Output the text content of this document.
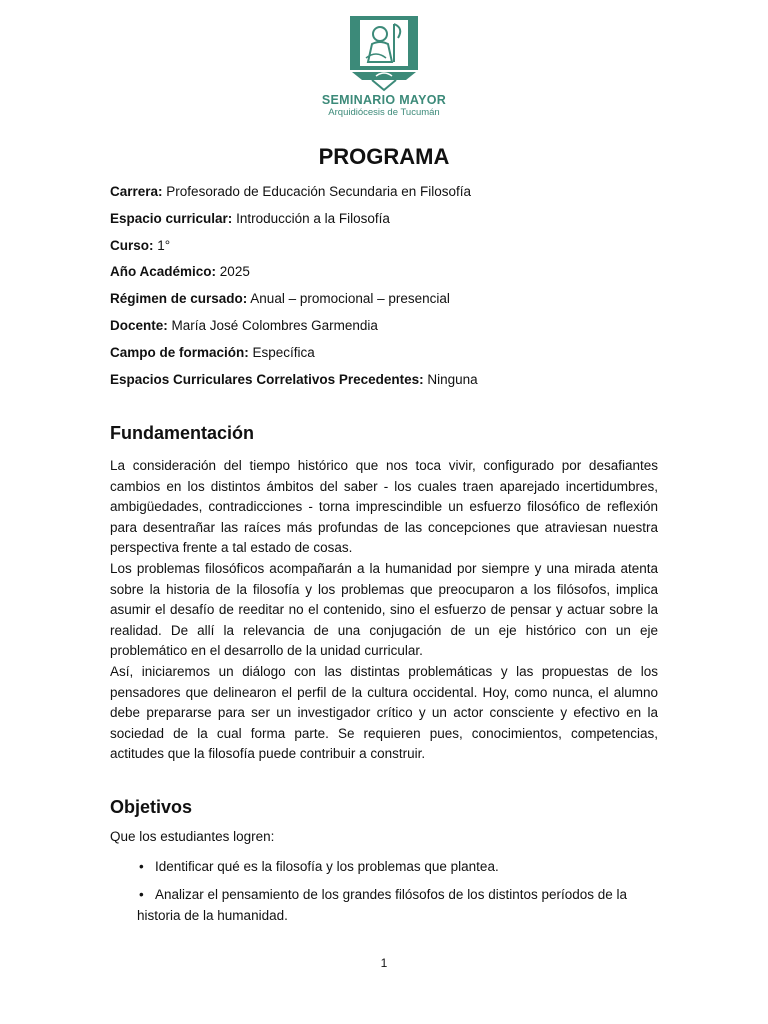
SEMINARIO MAYOR
Arquidiócesis de Tucumán
PROGRAMA
Carrera: Profesorado de Educación Secundaria en Filosofía
Espacio curricular: Introducción a la Filosofía
Curso: 1°
Año Académico: 2025
Régimen de cursado: Anual – promocional – presencial
Docente: María José Colombres Garmendia
Campo de formación: Específica
Espacios Curriculares Correlativos Precedentes: Ninguna
Fundamentación

La consideración del tiempo histórico que nos toca vivir, configurado por desafiantes cambios en los distintos ámbitos del saber - los cuales traen aparejado incertidumbres, ambigüedades, contradicciones - torna imprescindible un esfuerzo filosófico de reflexión para desentrañar las raíces más profundas de las concepciones que atraviesan nuestra perspectiva frente a tal estado de cosas.

Los problemas filosóficos acompañarán a la humanidad por siempre y una mirada atenta sobre la historia de la filosofía y los problemas que preocuparon a los filósofos, implica asumir el desafío de reeditar no el contenido, sino el esfuerzo de pensar y actuar sobre la realidad. De allí la relevancia de una conjugación de un eje histórico con un eje problemático en el desarrollo de la unidad curricular.

Así, iniciaremos un diálogo con las distintas problemáticas y las propuestas de los pensadores que delinearon el perfil de la cultura occidental. Hoy, como nunca, el alumno debe prepararse para ser un investigador crítico y un actor consciente y efectivo en la sociedad de la cual forma parte. Se requieren pues, conocimientos, competencias, actitudes que la filosofía puede contribuir a construir.

Objetivos
Que los estudiantes logren:
• Identificar qué es la filosofía y los problemas que plantea.
• Analizar el pensamiento de los grandes filósofos de los distintos períodos de la historia de la humanidad.
1
